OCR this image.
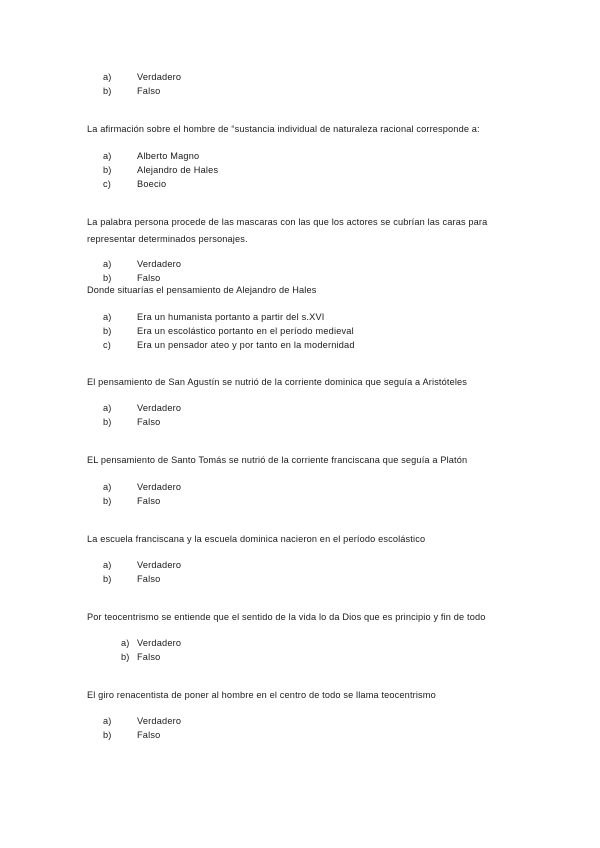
a)	Verdadero
b)	Falso
La afirmación sobre el hombre de “sustancia individual de naturaleza racional corresponde a:
a)	Alberto Magno
b)	Alejandro de Hales
c)	Boecio
La palabra persona procede de las mascaras con las que los actores se cubrían las caras para representar determinados personajes.
a)	Verdadero
b)	Falso
Donde situarías el pensamiento de Alejandro de Hales
a)	Era un humanista portanto a partir del s.XVI
b)	Era un escolástico portanto en el período medieval
c)	Era un pensador ateo y por tanto en la modernidad
El pensamiento de San Agustín se nutrió de la corriente dominica que seguía a Aristóteles
a)	Verdadero
b)	Falso
EL pensamiento de Santo Tomás se nutrió de la corriente franciscana que seguía a Platón
a)	Verdadero
b)	Falso
La escuela franciscana y la escuela dominica nacieron en el período escolástico
a)	Verdadero
b)	Falso
Por teocentrismo se entiende que el sentido de la vida lo da Dios que es principio y fin de todo
a) Verdadero
b) Falso
El giro renacentista de poner al hombre en el centro de todo se llama teocentrismo
a)	Verdadero
b)	Falso
